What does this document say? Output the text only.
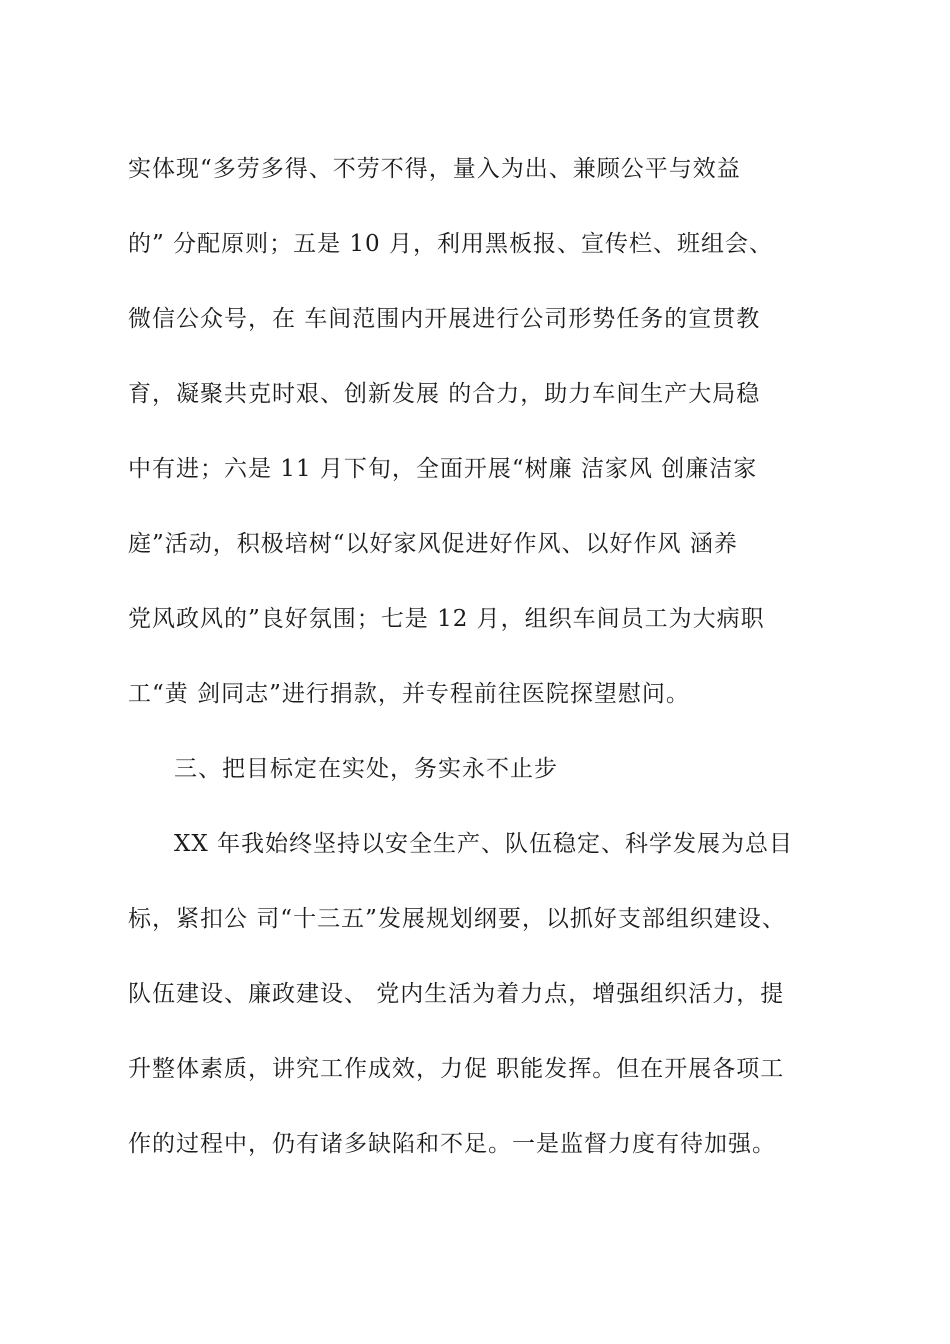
实体现“多劳多得、不劳不得，量入为出、兼顾公平与效益
的” 分配原则；五是 10 月，利用黑板报、宣传栏、班组会、
微信公众号，在 车间范围内开展进行公司形势任务的宣贯教
育，凝聚共克时艰、创新发展 的合力，助力车间生产大局稳
中有进；六是 11 月下旬，全面开展“树廉 洁家风 创廉洁家
庭”活动，积极培树“以好家风促进好作风、以好作风 涵养
党风政风的”良好氛围；七是 12 月，组织车间员工为大病职
工“黄 剑同志”进行捐款，并专程前往医院探望慰问。
三、把目标定在实处，务实永不止步
XX 年我始终坚持以安全生产、队伍稳定、科学发展为总目
标，紧扣公 司“十三五”发展规划纲要，以抓好支部组织建设、
队伍建设、廉政建设、 党内生活为着力点，增强组织活力，提
升整体素质，讲究工作成效，力促 职能发挥。但在开展各项工
作的过程中，仍有诸多缺陷和不足。一是监督力度有待加强。
